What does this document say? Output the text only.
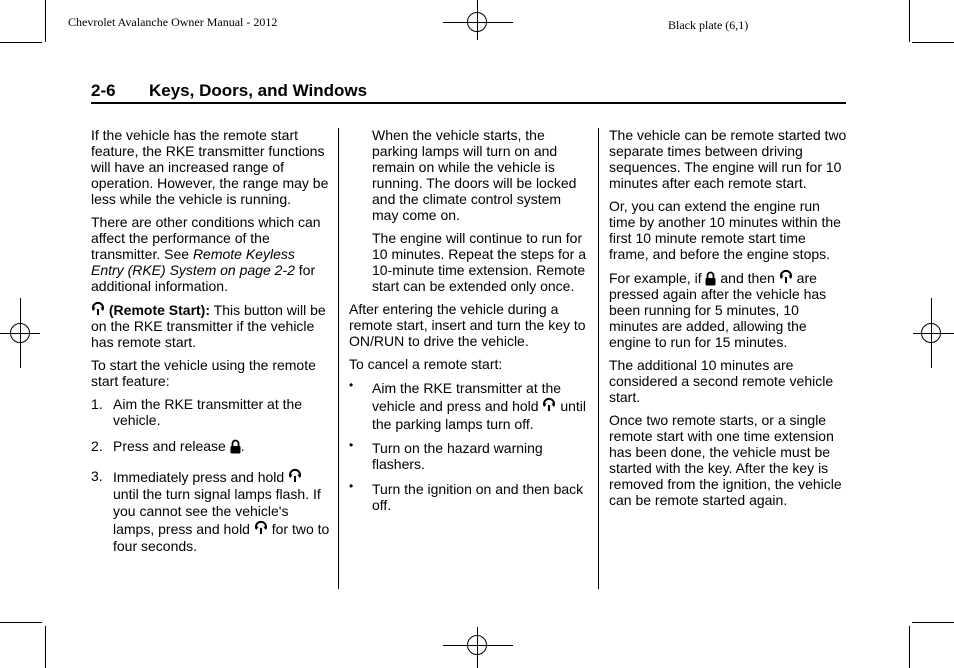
Chevrolet Avalanche Owner Manual - 2012	Black plate (6,1)
2-6 Keys, Doors, and Windows

If the vehicle has the remote start feature, the RKE transmitter functions will have an increased range of operation. However, the range may be less while the vehicle is running.

There are other conditions which can affect the performance of the transmitter. See Remote Keyless Entry (RKE) System on page 2-2 for additional information.

(Remote Start): This button will be on the RKE transmitter if the vehicle has remote start.

To start the vehicle using the remote start feature:

1. Aim the RKE transmitter at the vehicle.
2. Press and release .
3. Immediately press and hold  until the turn signal lamps flash. If you cannot see the vehicle's lamps, press and hold  for two to four seconds.

When the vehicle starts, the parking lamps will turn on and remain on while the vehicle is running. The doors will be locked and the climate control system may come on.

The engine will continue to run for 10 minutes. Repeat the steps for a 10-minute time extension. Remote start can be extended only once.

After entering the vehicle during a remote start, insert and turn the key to ON/RUN to drive the vehicle.

To cancel a remote start:

• Aim the RKE transmitter at the vehicle and press and hold  until the parking lamps turn off.
• Turn on the hazard warning flashers.
• Turn the ignition on and then back off.

The vehicle can be remote started two separate times between driving sequences. The engine will run for 10 minutes after each remote start.

Or, you can extend the engine run time by another 10 minutes within the first 10 minute remote start time frame, and before the engine stops.

For example, if  and then  are pressed again after the vehicle has been running for 5 minutes, 10 minutes are added, allowing the engine to run for 15 minutes.

The additional 10 minutes are considered a second remote vehicle start.

Once two remote starts, or a single remote start with one time extension has been done, the vehicle must be started with the key. After the key is removed from the ignition, the vehicle can be remote started again.
